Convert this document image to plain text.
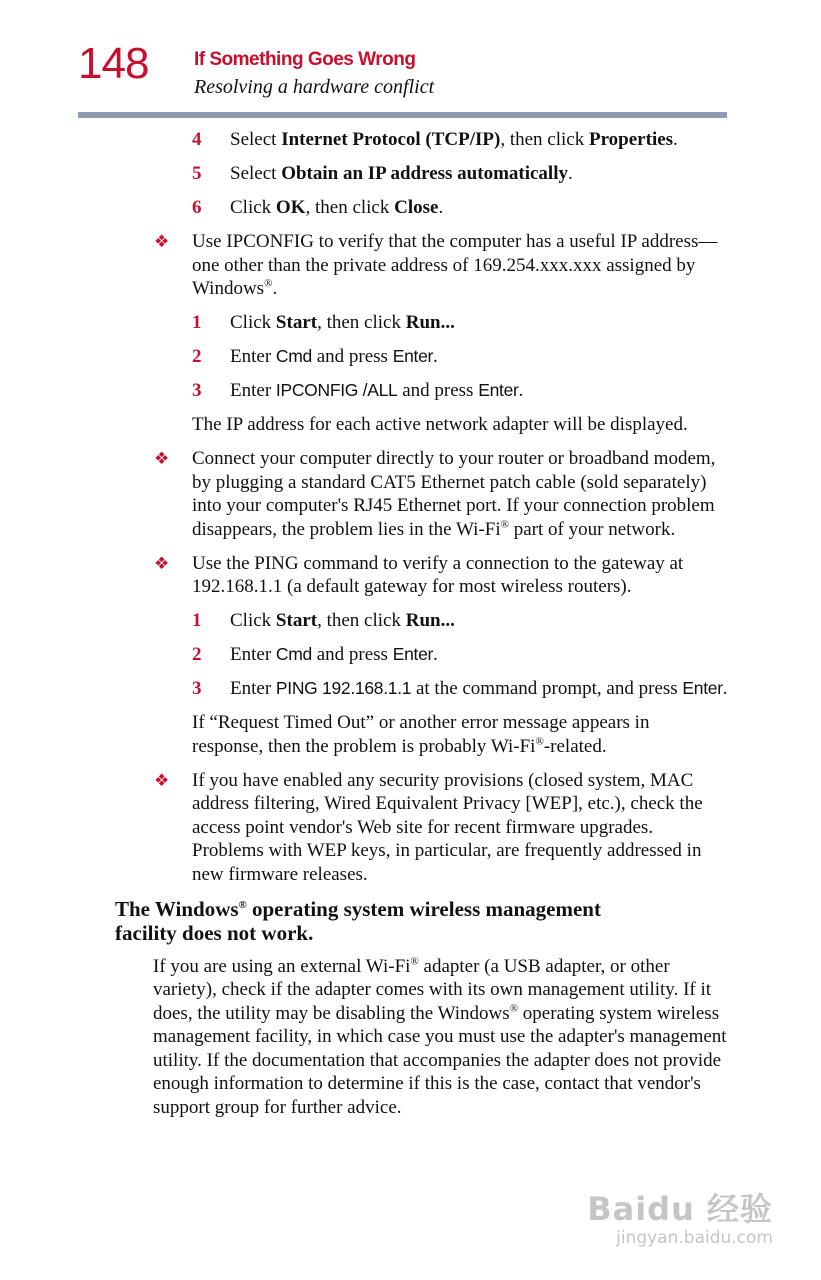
148 If Something Goes Wrong
Resolving a hardware conflict
4 Select Internet Protocol (TCP/IP), then click Properties.
5 Select Obtain an IP address automatically.
6 Click OK, then click Close.
❖ Use IPCONFIG to verify that the computer has a useful IP address—one other than the private address of 169.254.xxx.xxx assigned by Windows®.
1 Click Start, then click Run...
2 Enter Cmd and press Enter.
3 Enter IPCONFIG /ALL and press Enter.
The IP address for each active network adapter will be displayed.
❖ Connect your computer directly to your router or broadband modem, by plugging a standard CAT5 Ethernet patch cable (sold separately) into your computer's RJ45 Ethernet port. If your connection problem disappears, the problem lies in the Wi-Fi® part of your network.
❖ Use the PING command to verify a connection to the gateway at 192.168.1.1 (a default gateway for most wireless routers).
1 Click Start, then click Run...
2 Enter Cmd and press Enter.
3 Enter PING 192.168.1.1 at the command prompt, and press Enter.
If “Request Timed Out” or another error message appears in response, then the problem is probably Wi-Fi®-related.
❖ If you have enabled any security provisions (closed system, MAC address filtering, Wired Equivalent Privacy [WEP], etc.), check the access point vendor's Web site for recent firmware upgrades. Problems with WEP keys, in particular, are frequently addressed in new firmware releases.
The Windows® operating system wireless management
facility does not work.
If you are using an external Wi-Fi® adapter (a USB adapter, or other variety), check if the adapter comes with its own management utility. If it does, the utility may be disabling the Windows® operating system wireless management facility, in which case you must use the adapter's management utility. If the documentation that accompanies the adapter does not provide enough information to determine if this is the case, contact that vendor's support group for further advice.
Baidu 经验
jingyan.baidu.com
